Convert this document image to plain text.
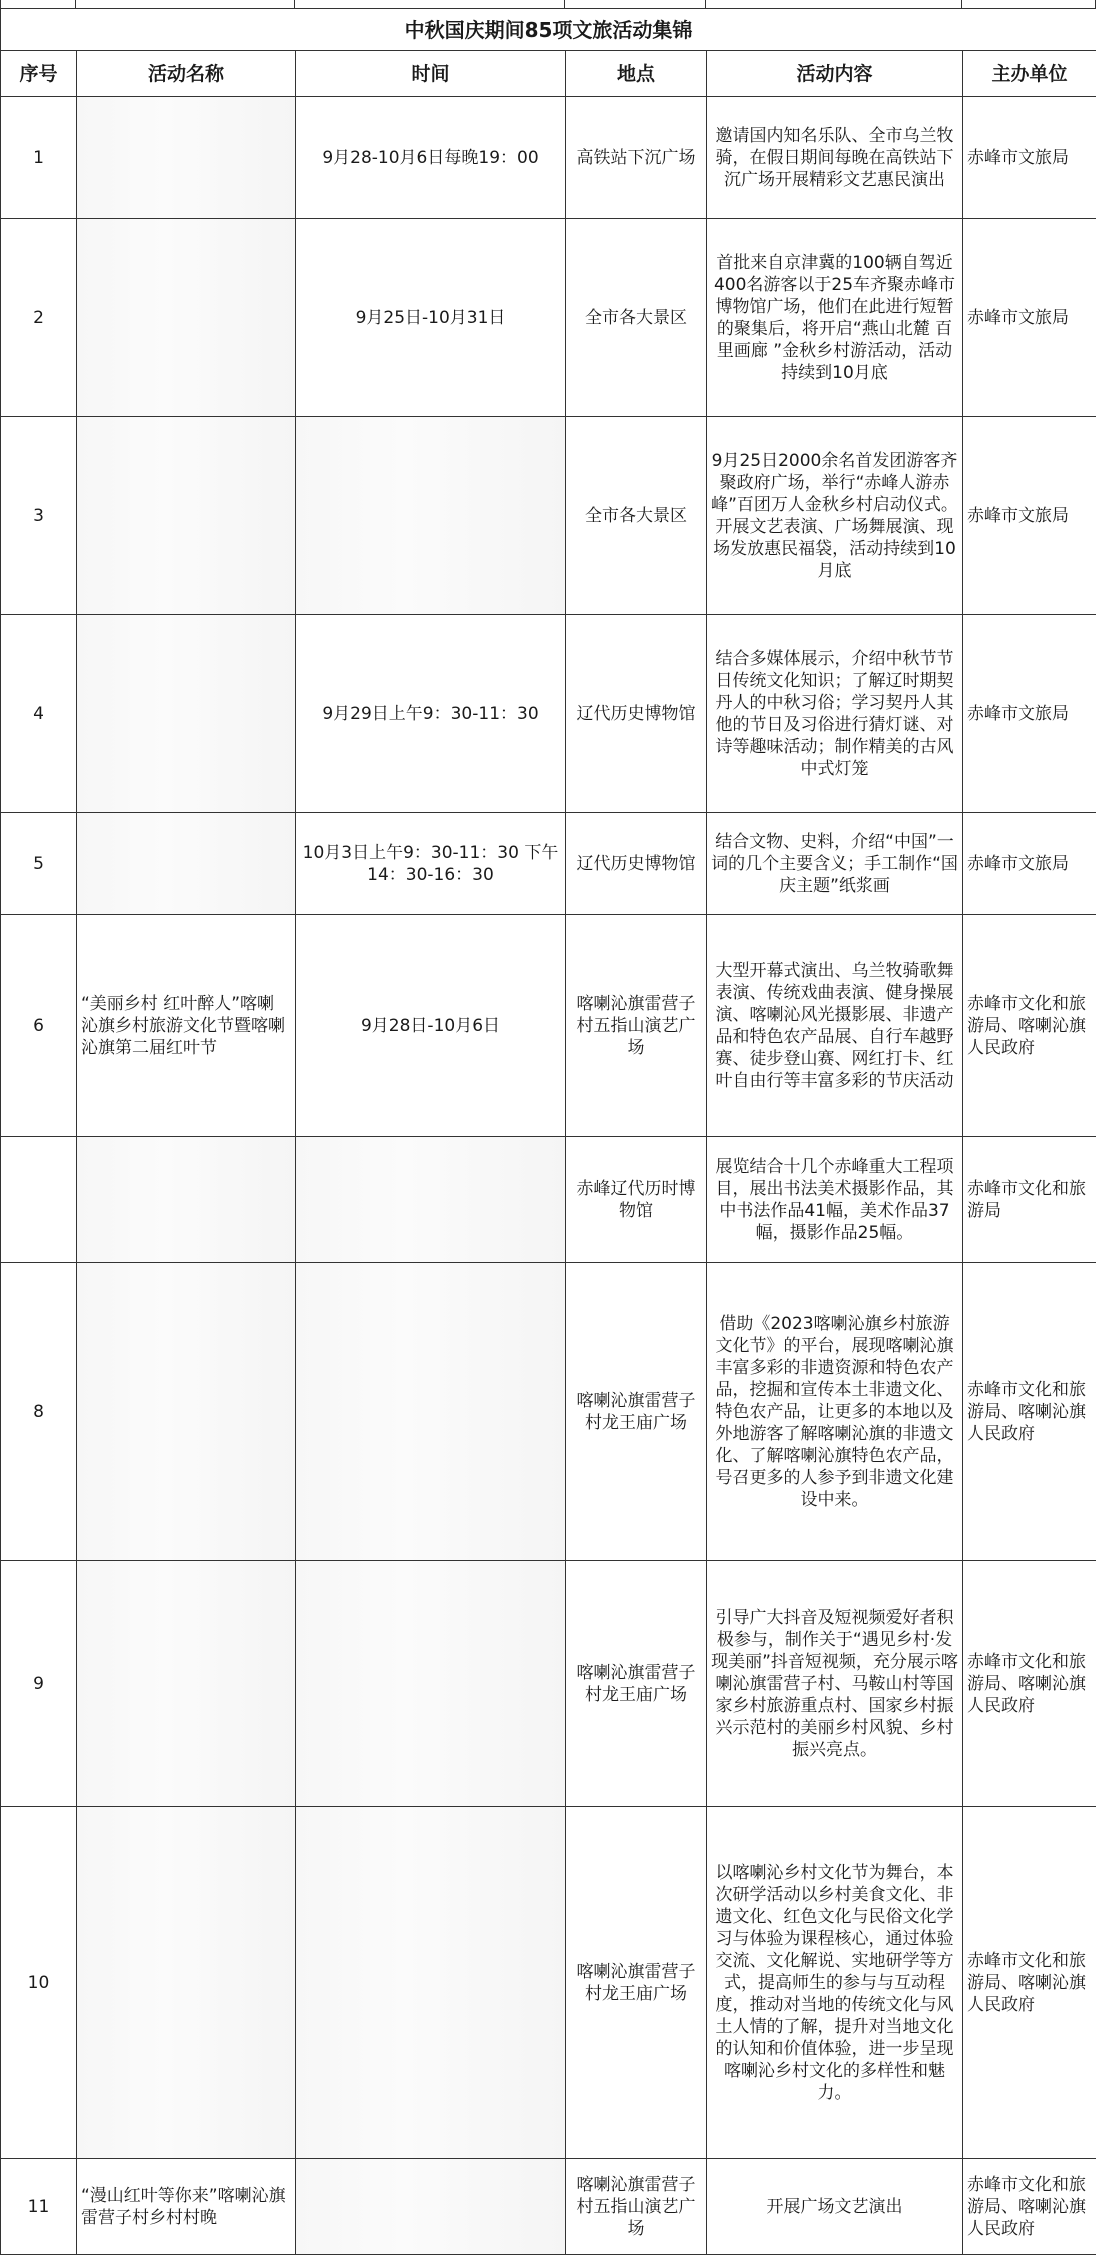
中秋国庆期间85项文旅活动集锦					
序号	活动名称	时间	地点	活动内容	主办单位
1		9月28-10月6日每晚19：00	高铁站下沉广场	邀请国内知名乐队、全市乌兰牧骑，在假日期间每晚在高铁站下沉广场开展精彩文艺惠民演出	赤峰市文旅局
2		9月25日-10月31日	全市各大景区	首批来自京津冀的100辆自驾近400名游客以于25车齐聚赤峰市博物馆广场，他们在此进行短暂的聚集后，将开启“燕山北麓 百里画廊 ”金秋乡村游活动，活动持续到10月底	赤峰市文旅局
3			全市各大景区	9月25日2000余名首发团游客齐聚政府广场，举行“赤峰人游赤峰”百团万人金秋乡村启动仪式。开展文艺表演、广场舞展演、现场发放惠民福袋，活动持续到10月底	赤峰市文旅局
4		9月29日上午9：30-11：30	辽代历史博物馆	结合多媒体展示，介绍中秋节节日传统文化知识；了解辽时期契丹人的中秋习俗；学习契丹人其他的节日及习俗进行猜灯谜、对诗等趣味活动；制作精美的古风中式灯笼	赤峰市文旅局
5		10月3日上午9：30-11：30 下午14：30-16：30	辽代历史博物馆	结合文物、史料，介绍“中国”一词的几个主要含义；手工制作“国庆主题”纸浆画	赤峰市文旅局
6	“美丽乡村 红叶醉人”喀喇沁旗乡村旅游文化节暨喀喇沁旗第二届红叶节	9月28日-10月6日	喀喇沁旗雷营子村五指山演艺广场	大型开幕式演出、乌兰牧骑歌舞表演、传统戏曲表演、健身操展演、喀喇沁风光摄影展、非遗产品和特色农产品展、自行车越野赛、徒步登山赛、网红打卡、红叶自由行等丰富多彩的节庆活动	赤峰市文化和旅游局、喀喇沁旗人民政府
			赤峰辽代历时博物馆	展览结合十几个赤峰重大工程项目，展出书法美术摄影作品，其中书法作品41幅，美术作品37幅，摄影作品25幅。	赤峰市文化和旅游局
8			喀喇沁旗雷营子村龙王庙广场	借助《2023喀喇沁旗乡村旅游文化节》的平台，展现喀喇沁旗丰富多彩的非遗资源和特色农产品，挖掘和宣传本土非遗文化、特色农产品，让更多的本地以及外地游客了解喀喇沁旗的非遗文化、了解喀喇沁旗特色农产品，号召更多的人参予到非遗文化建设中来。	赤峰市文化和旅游局、喀喇沁旗人民政府
9			喀喇沁旗雷营子村龙王庙广场	引导广大抖音及短视频爱好者积极参与，制作关于“遇见乡村·发现美丽”抖音短视频，充分展示喀喇沁旗雷营子村、马鞍山村等国家乡村旅游重点村、国家乡村振兴示范村的美丽乡村风貌、乡村振兴亮点。	赤峰市文化和旅游局、喀喇沁旗人民政府
10			喀喇沁旗雷营子村龙王庙广场	以喀喇沁乡村文化节为舞台，本次研学活动以乡村美食文化、非遗文化、红色文化与民俗文化学习与体验为课程核心，通过体验交流、文化解说、实地研学等方式，提高师生的参与与互动程度，推动对当地的传统文化与风土人情的了解，提升对当地文化的认知和价值体验，进一步呈现喀喇沁乡村文化的多样性和魅力。	赤峰市文化和旅游局、喀喇沁旗人民政府
11	“漫山红叶等你来”喀喇沁旗雷营子村乡村村晚		喀喇沁旗雷营子村五指山演艺广场	开展广场文艺演出	赤峰市文化和旅游局、喀喇沁旗人民政府
